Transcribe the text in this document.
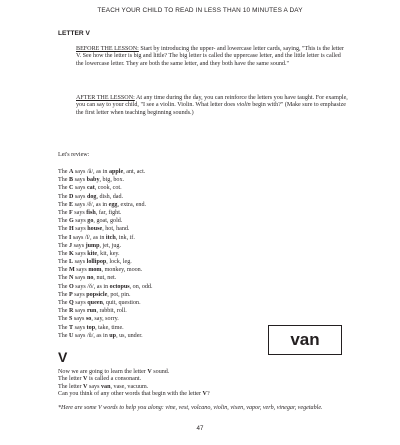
TEACH YOUR CHILD TO READ IN LESS THAN 10 MINUTES A DAY
LETTER V
BEFORE THE LESSON: Start by introducing the upper- and lowercase letter cards, saying, "This is the letter V. See how the letter is big and little? The big letter is called the uppercase letter, and the little letter is called the lowercase letter. They are both the same letter, and they both have the same sound."
AFTER THE LESSON: At any time during the day, you can reinforce the letters you have taught. For example, you can say to your child, "I see a violin. Violin. What letter does violin begin with?" (Make sure to emphasize the first letter when teaching beginning sounds.)
Let's review:
The A says /ă/, as in apple, ant, act.
The B says baby, big, box.
The C says cat, cook, cot.
The D says dog, dish, dad.
The E says /ĕ/, as in egg, extra, end.
The F says fish, far, fight.
The G says go, goat, gold.
The H says house, hot, hand.
The I says /ĭ/, as in itch, ink, if.
The J says jump, jet, jug.
The K says kite, kit, key.
The L says lollipop, lock, leg.
The M says mom, monkey, moon.
The N says no, nut, net.
The O says /ŏ/, as in octopus, on, odd.
The P says popsicle, pot, pin.
The Q says queen, quit, question.
The R says run, rabbit, roll.
The S says so, say, sorry.
The T says top, take, time.
The U says /ŭ/, as in up, us, under.
V
van
Now we are going to learn the letter V sound.
The letter V is called a consonant.
The letter V says van, vase, vacuum.
Can you think of any other words that begin with the letter V?
*Here are some V words to help you along: vine, vest, volcano, violin, vixen, vapor, verb, vinegar, vegetable.
47
